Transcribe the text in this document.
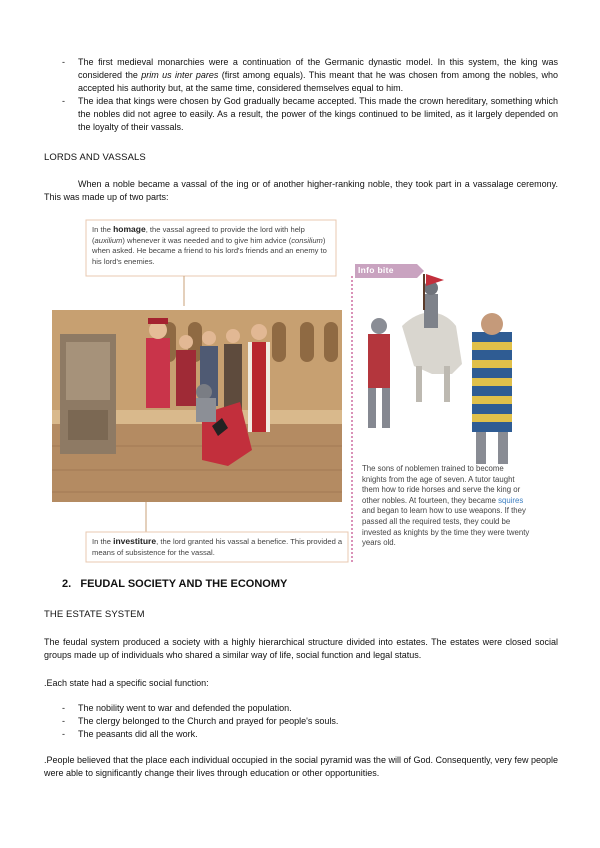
-	The first medieval monarchies were a continuation of the Germanic dynastic model. In this system, the king was considered the prim us inter pares (first among equals). This meant that he was chosen from among the nobles, who accepted his authority but, at the same time, considered themselves equal to him.
-	The idea that kings were chosen by God gradually became accepted. This made the crown hereditary, something which the nobles did not agree to easily. As a result, the power of the kings continued to be limited, as it largely depended on the loyalty of their vassals.
LORDS AND VASSALS
When a noble became a vassal of the ing or of another higher-ranking noble, they took part in a vassalage ceremony. This was made up of two parts:
In the homage, the vassal agreed to provide the lord with help (auxilium) whenever it was needed and to give him advice (consilium) when asked. He became a friend to his lord's friends and an enemy to his lord's enemies.
In the investiture, the lord granted his vassal a benefice. This provided a means of subsistence for the vassal.
Info bite
The sons of noblemen trained to become knights from the age of seven. A tutor taught them how to ride horses and serve the king or other nobles. At fourteen, they became squires and began to learn how to use weapons. If they passed all the required tests, they could be invested as knights by the time they were twenty years old.
2. FEUDAL SOCIETY AND THE ECONOMY
THE ESTATE SYSTEM
The feudal system produced a society with a highly hierarchical structure divided into estates. The estates were closed social groups made up of individuals who shared a similar way of life, social function and legal status.
.Each state had a specific social function:
-	The nobility went to war and defended the population.
-	The clergy belonged to the Church and prayed for people's souls.
-	The peasants did all the work.
.People believed that the place each individual occupied in the social pyramid was the will of God. Consequently, very few people were able to significantly change their lives through education or other opportunities.
